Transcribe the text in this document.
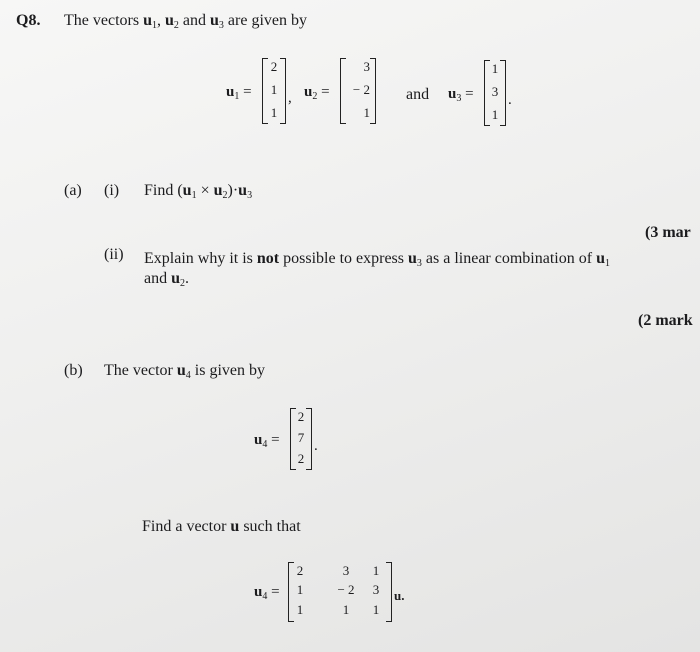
Q8. The vectors $u_1$, $u_2$ and $u_3$ are given by
$u_1$ =
2
1
1
, $u_2$ =
3
− 2
1
and $u_3$ =
1
3
1
.
(a) (i) Find $(u_1 \times u_2)\cdot u_3$
(3 mar
(ii) Explain why it is not possible to express $u_3$ as a linear combination of $u_1$
and $u_2$.
(2 mark
(b) The vector $u_4$ is given by
$u_4$ =
2
7
2
.
Find a vector u such that
$u_4$ =
2	3	1
1	− 2	3
1	1	1
u.
